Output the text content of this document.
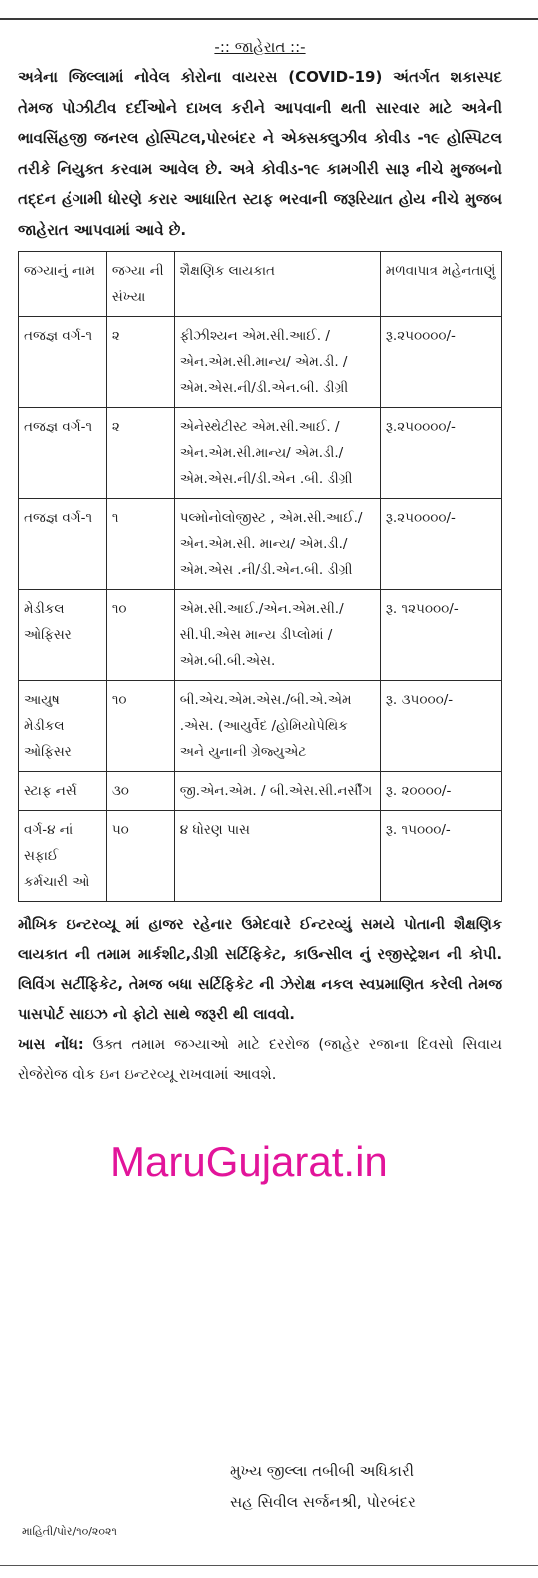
-:: જાહેરાત ::-

અત્રેના જિલ્લામાં નોવેલ કોરોના વાયરસ (COVID-19) અંતર્ગત શકાસ્પદ તેમજ પોઝીટીવ દર્દીઓને દાખલ કરીને આપવાની થતી સારવાર માટે અત્રેની ભાવસિંહજી જનરલ હોસ્પિટલ,પોરબંદર ને એક્સક્લુઝીવ કોવીડ -૧૯ હોસ્પિટલ તરીકે નિયુક્ત કરવામ આવેલ છે. અત્રે કોવીડ-૧૯ કામગીરી સારૂ નીચે મુજબનો તદ્દન હંગામી ધોરણે કરાર આધારિત સ્ટાફ ભરવાની જરૂરિયાત હોય નીચે મુજબ જાહેરાત આપવામાં આવે છે.

જગ્યાનું નામ	જગ્યા ની સંખ્યા	શૈક્ષણિક લાયકાત	મળવાપાત્ર મહેનતાણું
તજજ્ઞ વર્ગ-૧	૨	ફીઝીશ્યન એમ.સી.આઈ. /એન.એમ.સી.માન્ય/ એમ.ડી. /એમ.એસ.ની/ડી.એન.બી. ડીગ્રી	રૂ.૨૫૦૦૦૦/-
તજજ્ઞ વર્ગ-૧	૨	એનેસ્થેટીસ્ટ એમ.સી.આઈ. /એન.એમ.સી.માન્ય/ એમ.ડી./એમ.એસ.ની/ડી.એન .બી. ડીગ્રી	રૂ.૨૫૦૦૦૦/-
તજજ્ઞ વર્ગ-૧	૧	પલ્મોનોલોજીસ્ટ , એમ.સી.આઈ./એન.એમ.સી. માન્ય/ એમ.ડી./ એમ.એસ .ની/ડી.એન.બી. ડીગ્રી	રૂ.૨૫૦૦૦૦/-
મેડીકલ ઓફિસર	૧૦	એમ.સી.આઈ./એન.એમ.સી./ સી.પી.એસ માન્ય ડીપ્લોમાં /એમ.બી.બી.એસ.	રૂ. ૧૨૫૦૦૦/-
આયુષ મેડીકલ ઓફિસર	૧૦	બી.એચ.એમ.એસ./બી.એ.એમ .એસ. (આયુર્વેદ /હોમિયોપેથિક અને યુનાની ગ્રેજ્યુએટ	રૂ. ૩૫૦૦૦/-
સ્ટાફ નર્સ	૩૦	જી.એન.એમ. / બી.એસ.સી.નર્સીંગ	રૂ. ૨૦૦૦૦/-
વર્ગ-૪ નાં સફાઈ કર્મચારી ઓ	૫૦	૪ ધોરણ પાસ	રૂ. ૧૫૦૦૦/-

મૌખિક ઇન્ટરવ્યૂ માં હાજર રહેનાર ઉમેદવારે ઈન્ટરવ્યું સમયે પોતાની શૈક્ષણિક લાયકાત ની તમામ માર્કશીટ,ડીગ્રી સર્ટિફિકેટ, કાઉન્સીલ નું રજીસ્ટ્રેશન ની કોપી. લિવિંગ સર્ટીફિકેટ, તેમજ બધા સર્ટિફિકેટ ની ઝેરોક્ષ નકલ સ્વપ્રમાણિત કરેલી તેમજ પાસપોર્ટ સાઇઝ નો ફોટો સાથે જરૂરી થી લાવવો.

ખાસ નોંધ: ઉક્ત તમામ જગ્યાઓ માટે દરરોજ (જાહેર રજાના દિવસો સિવાય રોજેરોજ વોક ઇન ઇન્ટરવ્યૂ રાખવામાં આવશે.

MaruGujarat.in
મુખ્ય જીલ્લા તબીબી અધિકારી
સહ સિવીલ સર્જનશ્રી, પોરબંદર
માહિતી/પોર/૧૦/૨૦૨૧
